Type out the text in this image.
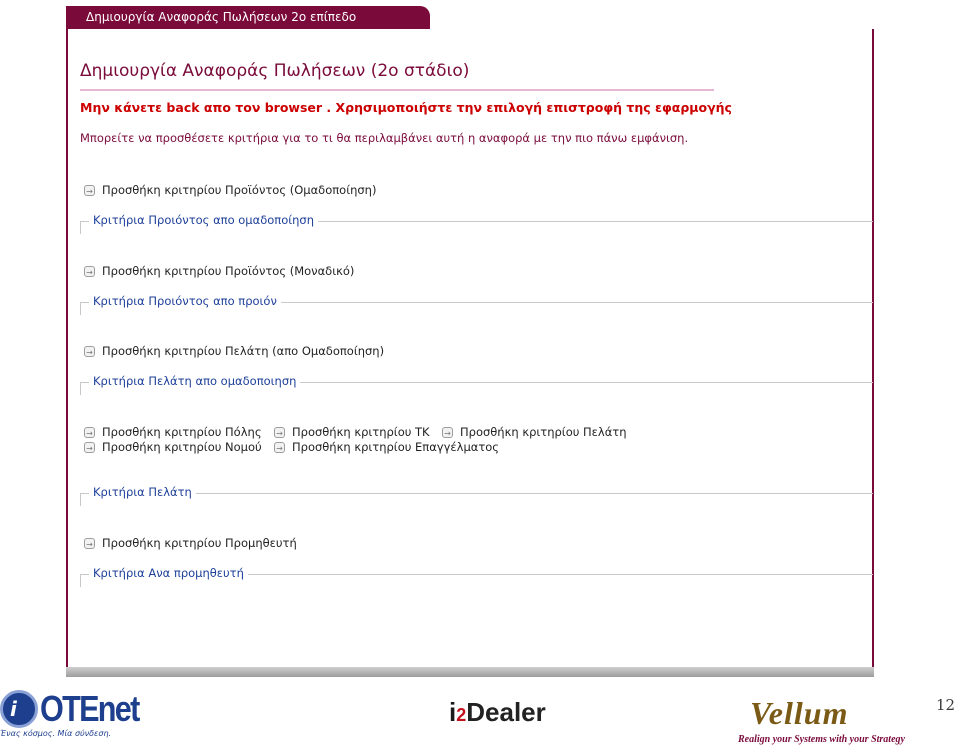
Δημιουργία Αναφοράς Πωλήσεων 2ο επίπεδο
Δημιουργία Αναφοράς Πωλήσεων (2ο στάδιο)
Μην κάνετε back απο τον browser . Χρησιμοποιήστε την επιλογή επιστροφή της εφαρμογής
Μπορείτε να προσθέσετε κριτήρια για το τι θα περιλαμβάνει αυτή η αναφορά με την πιο πάνω εμφάνιση.
→ Προσθήκη κριτηρίου Προϊόντος (Ομαδοποίηση)
Κριτήρια Προιόντος απο ομαδοποίηση
→ Προσθήκη κριτηρίου Προϊόντος (Μοναδικό)
Κριτήρια Προιόντος απο προιόν
→ Προσθήκη κριτηρίου Πελάτη (απο Ομαδοποίηση)
Κριτήρια Πελάτη απο ομαδοποιηση
→ Προσθήκη κριτηρίου Πόλης → Προσθήκη κριτηρίου ΤΚ → Προσθήκη κριτηρίου Πελάτη
→ Προσθήκη κριτηρίου Νομού → Προσθήκη κριτηρίου Επαγγέλματος
Κριτήρια Πελάτη
→ Προσθήκη κριτηρίου Προμηθευτή
Κριτήρια Ανα προμηθευτή
i OTEnet
Ένας κόσμος. Μία σύνδεση.
i2Dealer	Vellum
Realign your Systems with your Strategy
12
